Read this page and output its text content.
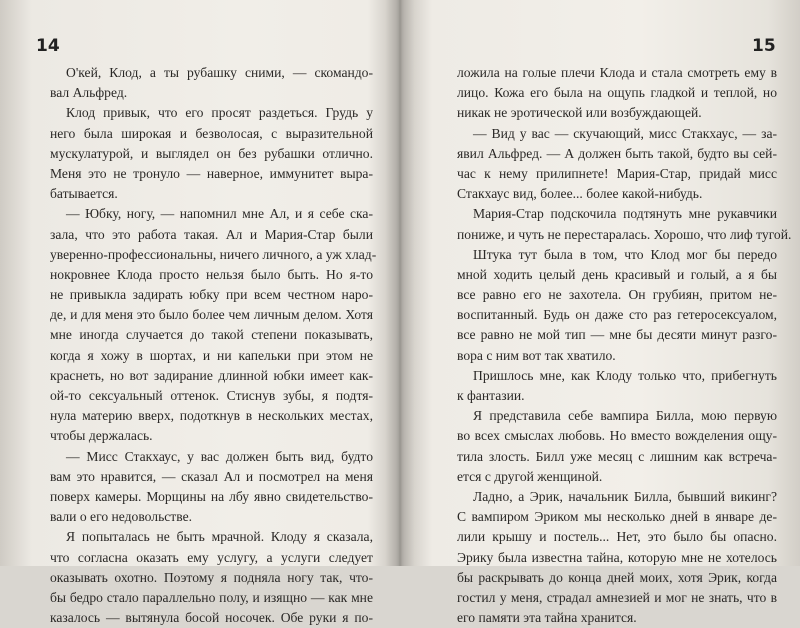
14
О'кей, Клод, а ты рубашку сними, — скомандо-
вал Альфред.
Клод привык, что его просят раздеться. Грудь у
него была широкая и безволосая, с выразительной
мускулатурой, и выглядел он без рубашки отлично.
Меня это не тронуло — наверное, иммунитет выра-
батывается.
— Юбку, ногу, — напомнил мне Ал, и я себе ска-
зала, что это работа такая. Ал и Мария-Стар были
уверенно-профессиональны, ничего личного, а уж хлад-
нокровнее Клода просто нельзя было быть. Но я-то
не привыкла задирать юбку при всем честном наро-
де, и для меня это было более чем личным делом. Хотя
мне иногда случается до такой степени показывать,
когда я хожу в шортах, и ни капельки при этом не
краснеть, но вот задирание длинной юбки имеет как-
ой-то сексуальный оттенок. Стиснув зубы, я подтя-
нула материю вверх, подоткнув в нескольких местах,
чтобы держалась.
— Мисс Стакхаус, у вас должен быть вид, будто
вам это нравится, — сказал Ал и посмотрел на меня
поверх камеры. Морщины на лбу явно свидетельство-
вали о его недовольстве.
Я попыталась не быть мрачной. Клоду я сказала,
что согласна оказать ему услугу, а услуги следует
оказывать охотно. Поэтому я подняла ногу так, что-
бы бедро стало параллельно полу, и изящно — как мне
казалось — вытянула босой носочек. Обе руки я по-
15
ложила на голые плечи Клода и стала смотреть ему в
лицо. Кожа его была на ощупь гладкой и теплой, но
никак не эротической или возбуждающей.
— Вид у вас — скучающий, мисс Стакхаус, — за-
явил Альфред. — А должен быть такой, будто вы сей-
час к нему прилипнете! Мария-Стар, придай мисс
Стакхаус вид, более... более какой-нибудь.
Мария-Стар подскочила подтянуть мне рукавчики
пониже, и чуть не перестаралась. Хорошо, что лиф тугой.
Штука тут была в том, что Клод мог бы передо
мной ходить целый день красивый и голый, а я бы
все равно его не захотела. Он грубиян, притом не-
воспитанный. Будь он даже сто раз гетеросексуалом,
все равно не мой тип — мне бы десяти минут разго-
вора с ним вот так хватило.
Пришлось мне, как Клоду только что, прибегнуть
к фантазии.
Я представила себе вампира Билла, мою первую
во всех смыслах любовь. Но вместо вожделения ощу-
тила злость. Билл уже месяц с лишним как встреча-
ется с другой женщиной.
Ладно, а Эрик, начальник Билла, бывший викинг?
С вампиром Эриком мы несколько дней в январе де-
лили крышу и постель... Нет, это было бы опасно.
Эрику была известна тайна, которую мне не хотелось
бы раскрывать до конца дней моих, хотя Эрик, когда
гостил у меня, страдал амнезией и мог не знать, что в
его памяти эта тайна хранится.
